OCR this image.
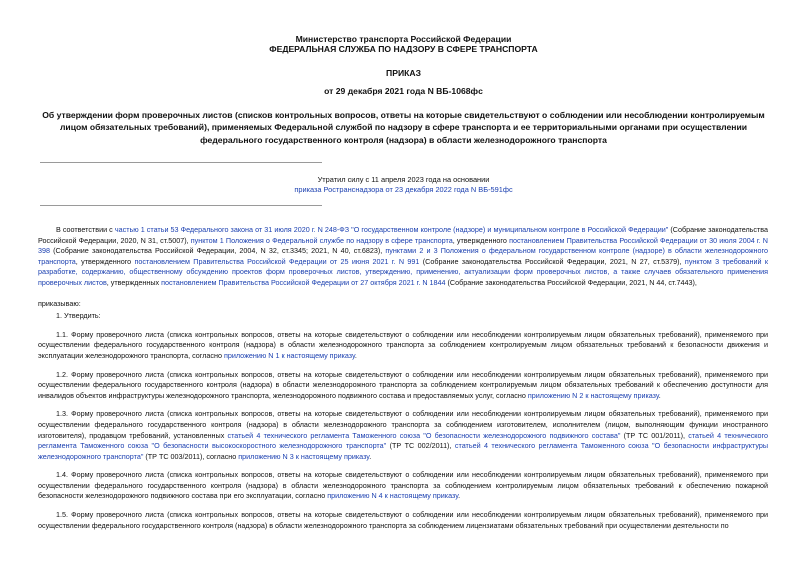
Министерство транспорта Российской Федерации
ФЕДЕРАЛЬНАЯ СЛУЖБА ПО НАДЗОРУ В СФЕРЕ ТРАНСПОРТА
ПРИКАЗ
от 29 декабря 2021 года N ВБ-1068фс
Об утверждении форм проверочных листов (списков контрольных вопросов, ответы на которые свидетельствуют о соблюдении или несоблюдении контролируемым лицом обязательных требований), применяемых Федеральной службой по надзору в сфере транспорта и ее территориальными органами при осуществлении федерального государственного контроля (надзора) в области железнодорожного транспорта
Утратил силу с 11 апреля 2023 года на основании
приказа Ространснадзора от 23 декабря 2022 года N ВБ-591фс

В соответствии с частью 1 статьи 53 Федерального закона от 31 июля 2020 г. N 248-ФЗ "О государственном контроле (надзоре) и муниципальном контроле в Российской Федерации" (Собрание законодательства Российской Федерации, 2020, N 31, ст.5007), пунктом 1 Положения о Федеральной службе по надзору в сфере транспорта, утвержденного постановлением Правительства Российской Федерации от 30 июля 2004 г. N 398 (Собрание законодательства Российской Федерации, 2004, N 32, ст.3345; 2021, N 40, ст.6823), пунктами 2 и 3 Положения о федеральном государственном контроле (надзоре) в области железнодорожного транспорта, утвержденного постановлением Правительства Российской Федерации от 25 июня 2021 г. N 991 (Собрание законодательства Российской Федерации, 2021, N 27, ст.5379), пунктом 3 требований к разработке, содержанию, общественному обсуждению проектов форм проверочных листов, утверждению, применению, актуализации форм проверочных листов, а также случаев обязательного применения проверочных листов, утвержденных постановлением Правительства Российской Федерации от 27 октября 2021 г. N 1844 (Собрание законодательства Российской Федерации, 2021, N 44, ст.7443),

приказываю:

1. Утвердить:

1.1. Форму проверочного листа (списка контрольных вопросов, ответы на которые свидетельствуют о соблюдении или несоблюдении контролируемым лицом обязательных требований), применяемого при осуществлении федерального государственного контроля (надзора) в области железнодорожного транспорта за соблюдением контролируемым лицом обязательных требований к безопасности движения и эксплуатации железнодорожного транспорта, согласно приложению N 1 к настоящему приказу.

1.2. Форму проверочного листа (списка контрольных вопросов, ответы на которые свидетельствуют о соблюдении или несоблюдении контролируемым лицом обязательных требований), применяемого при осуществлении федерального государственного контроля (надзора) в области железнодорожного транспорта за соблюдением контролируемым лицом обязательных требований к обеспечению доступности для инвалидов объектов инфраструктуры железнодорожного транспорта, железнодорожного подвижного состава и предоставляемых услуг, согласно приложению N 2 к настоящему приказу.

1.3. Форму проверочного листа (списка контрольных вопросов, ответы на которые свидетельствуют о соблюдении или несоблюдении контролируемым лицом обязательных требований), применяемого при осуществлении федерального государственного контроля (надзора) в области железнодорожного транспорта за соблюдением изготовителем, исполнителем (лицом, выполняющим функции иностранного изготовителя), продавцом требований, установленных статьей 4 технического регламента Таможенного союза "О безопасности железнодорожного подвижного состава" (ТР ТС 001/2011), статьей 4 технического регламента Таможенного союза "О безопасности высокоскоростного железнодорожного транспорта" (ТР ТС 002/2011), статьей 4 технического регламента Таможенного союза "О безопасности инфраструктуры железнодорожного транспорта" (ТР ТС 003/2011), согласно приложению N 3 к настоящему приказу.

1.4. Форму проверочного листа (списка контрольных вопросов, ответы на которые свидетельствуют о соблюдении или несоблюдении контролируемым лицом обязательных требований), применяемого при осуществлении федерального государственного контроля (надзора) в области железнодорожного транспорта за соблюдением контролируемым лицом обязательных требований к обеспечению пожарной безопасности железнодорожного подвижного состава при его эксплуатации, согласно приложению N 4 к настоящему приказу.

1.5. Форму проверочного листа (списка контрольных вопросов, ответы на которые свидетельствуют о соблюдении или несоблюдении контролируемым лицом обязательных требований), применяемого при осуществлении федерального государственного контроля (надзора) в области железнодорожного транспорта за соблюдением лицензиатами обязательных требований при осуществлении деятельности по
